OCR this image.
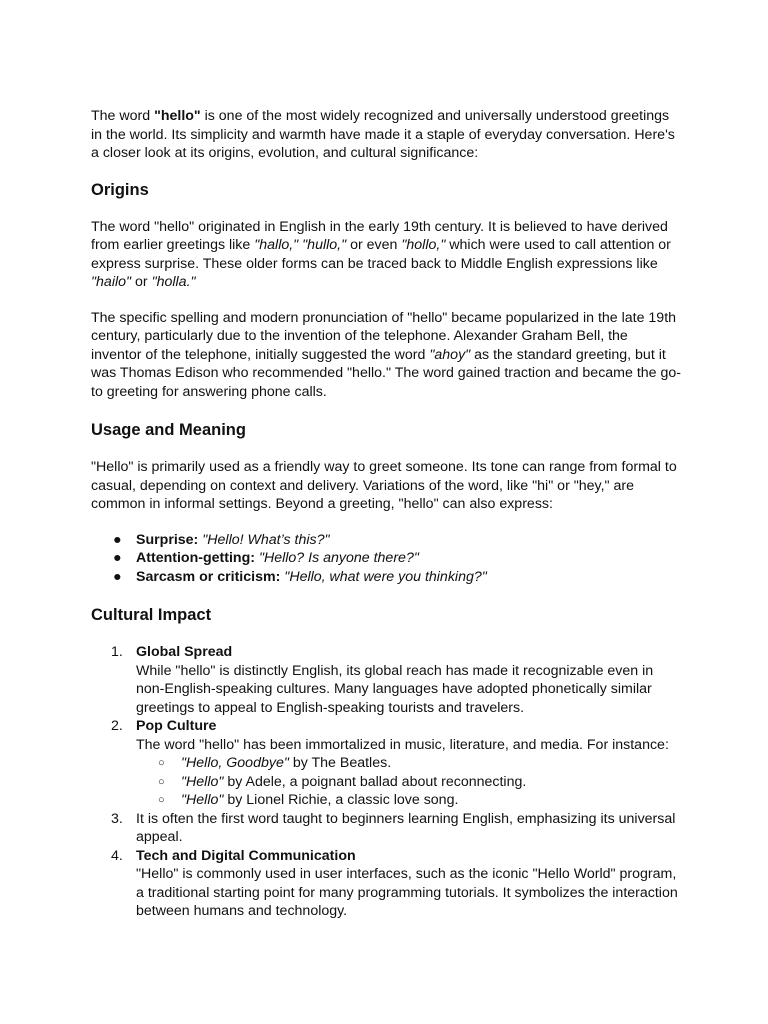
The word "hello" is one of the most widely recognized and universally understood greetings in the world. Its simplicity and warmth have made it a staple of everyday conversation. Here's a closer look at its origins, evolution, and cultural significance:

Origins

The word "hello" originated in English in the early 19th century. It is believed to have derived from earlier greetings like "hallo," "hullo," or even "hollo," which were used to call attention or express surprise. These older forms can be traced back to Middle English expressions like "hailo" or "holla."

The specific spelling and modern pronunciation of "hello" became popularized in the late 19th century, particularly due to the invention of the telephone. Alexander Graham Bell, the inventor of the telephone, initially suggested the word "ahoy" as the standard greeting, but it was Thomas Edison who recommended "hello." The word gained traction and became the go-to greeting for answering phone calls.

Usage and Meaning

"Hello" is primarily used as a friendly way to greet someone. Its tone can range from formal to casual, depending on context and delivery. Variations of the word, like "hi" or "hey," are common in informal settings. Beyond a greeting, "hello" can also express:

● Surprise: "Hello! What’s this?"
● Attention-getting: "Hello? Is anyone there?"
● Sarcasm or criticism: "Hello, what were you thinking?"
Cultural Impact
1. Global Spread
While "hello" is distinctly English, its global reach has made it recognizable even in non-English-speaking cultures. Many languages have adopted phonetically similar greetings to appeal to English-speaking tourists and travelers.
2. Pop Culture
The word "hello" has been immortalized in music, literature, and media. For instance:
○ "Hello, Goodbye" by The Beatles.
○ "Hello" by Adele, a poignant ballad about reconnecting.
○ "Hello" by Lionel Richie, a classic love song.
3. It is often the first word taught to beginners learning English, emphasizing its universal appeal.
4. Tech and Digital Communication
"Hello" is commonly used in user interfaces, such as the iconic "Hello World" program, a traditional starting point for many programming tutorials. It symbolizes the interaction between humans and technology.
